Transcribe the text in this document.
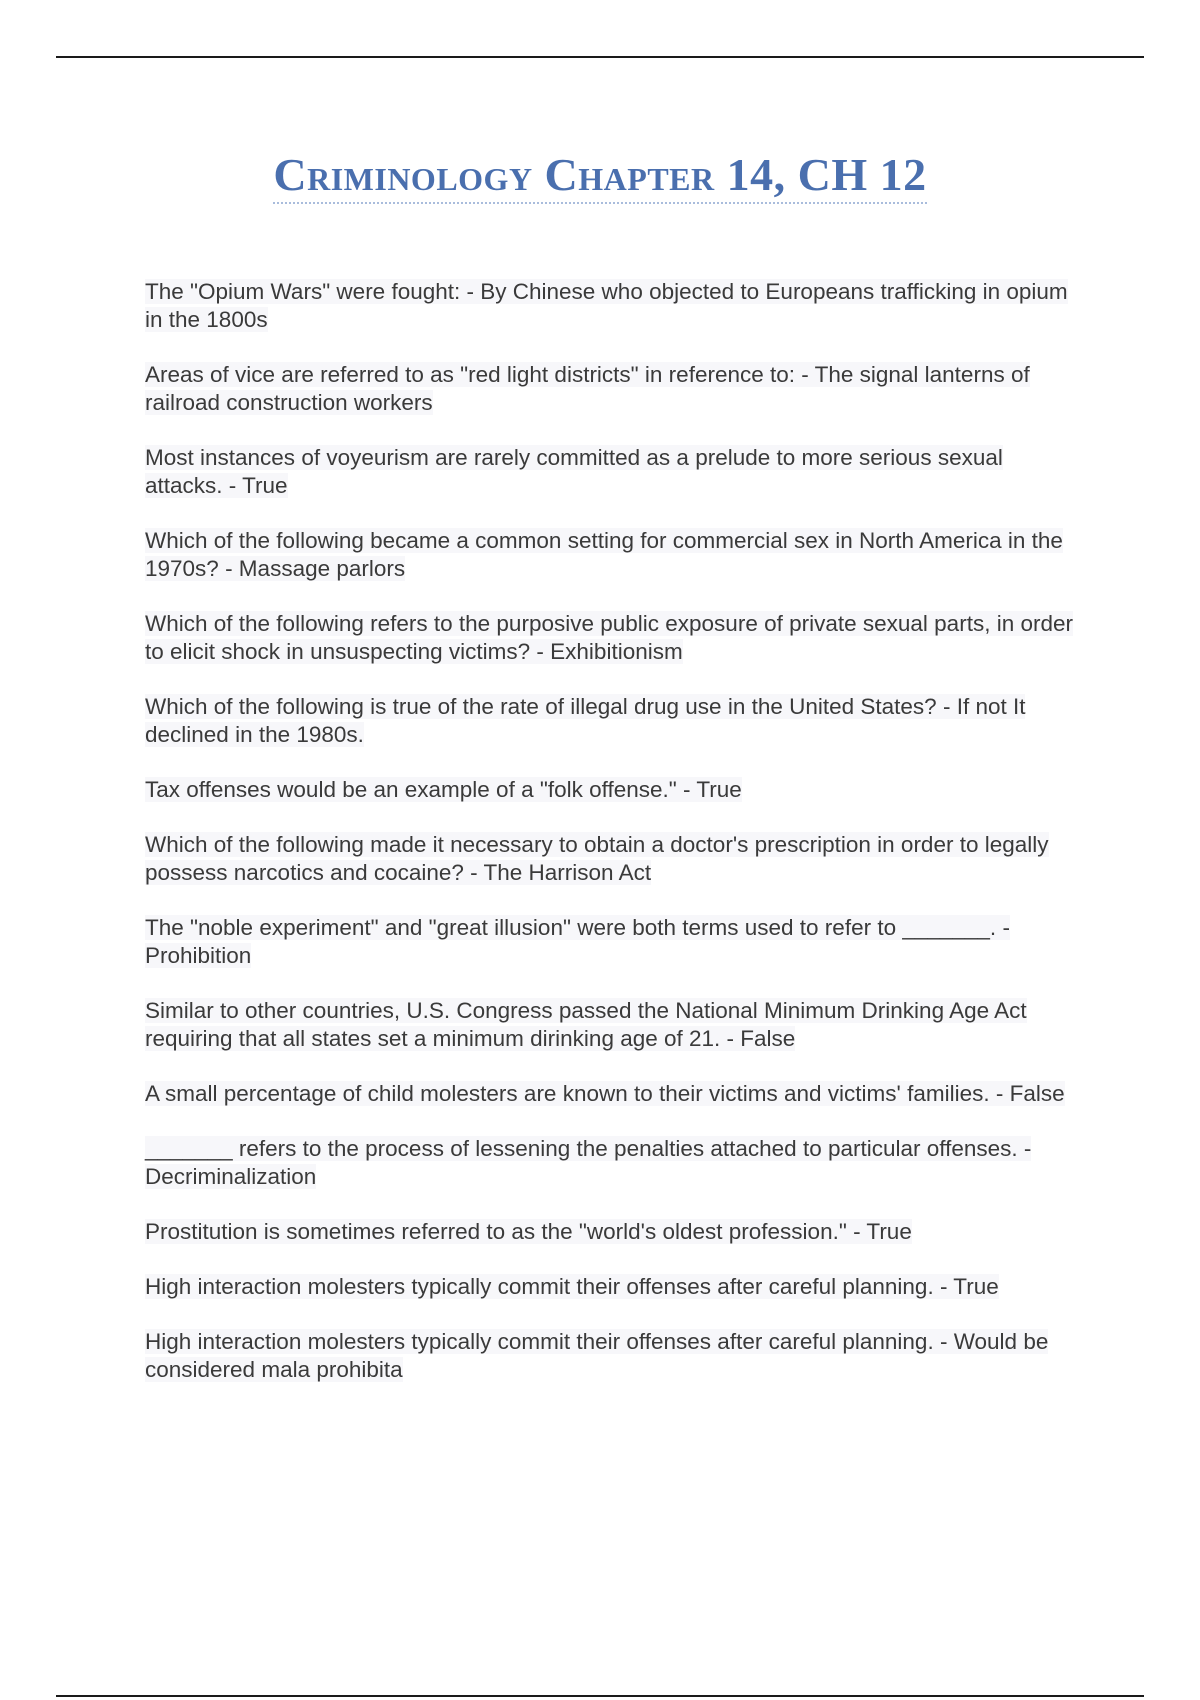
Criminology Chapter 14, CH 12

The "Opium Wars" were fought: - By Chinese who objected to Europeans trafficking in opium in the 1800s

Areas of vice are referred to as "red light districts" in reference to: - The signal lanterns of railroad construction workers

Most instances of voyeurism are rarely committed as a prelude to more serious sexual attacks. - True

Which of the following became a common setting for commercial sex in North America in the 1970s? - Massage parlors

Which of the following refers to the purposive public exposure of private sexual parts, in order to elicit shock in unsuspecting victims? - Exhibitionism

Which of the following is true of the rate of illegal drug use in the United States? - If not It declined in the 1980s.

Tax offenses would be an example of a "folk offense." - True

Which of the following made it necessary to obtain a doctor's prescription in order to legally possess narcotics and cocaine? - The Harrison Act

The "noble experiment" and "great illusion" were both terms used to refer to _______. - Prohibition

Similar to other countries, U.S. Congress passed the National Minimum Drinking Age Act requiring that all states set a minimum dirinking age of 21. - False

A small percentage of child molesters are known to their victims and victims' families. - False

_______ refers to the process of lessening the penalties attached to particular offenses. - Decriminalization

Prostitution is sometimes referred to as the "world's oldest profession." - True

High interaction molesters typically commit their offenses after careful planning. - True

High interaction molesters typically commit their offenses after careful planning. - Would be considered mala prohibita
